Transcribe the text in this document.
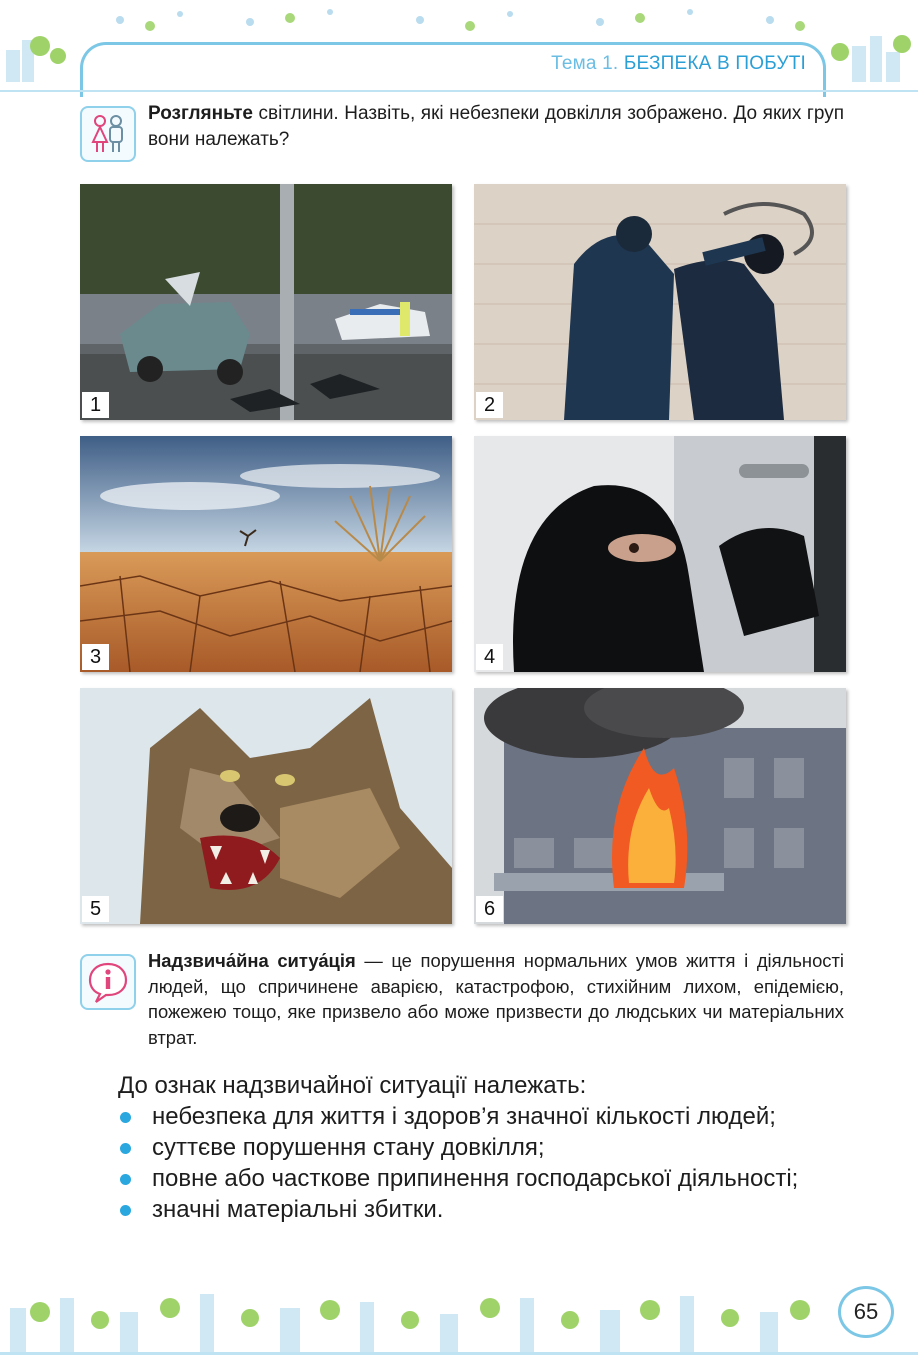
Тема 1. БЕЗПЕКА В ПОБУТІ
Розгляньте світлини. Назвіть, які небезпеки довкілля зображено. До яких груп вони належать?
1	2
3	4
5	6
Надзвича́йна ситуа́ція — це порушення нормальних умов життя і діяльності людей, що спричинене аварією, катастрофою, стихійним лихом, епідемією, пожежею тощо, яке призвело або може призвести до людських чи матеріальних втрат.
До ознак надзвичайної ситуації належать:
небезпека для життя і здоров’я значної кількості людей;
суттєве порушення стану довкілля;
повне або часткове припинення господарської діяльності;
значні матеріальні збитки.
65
